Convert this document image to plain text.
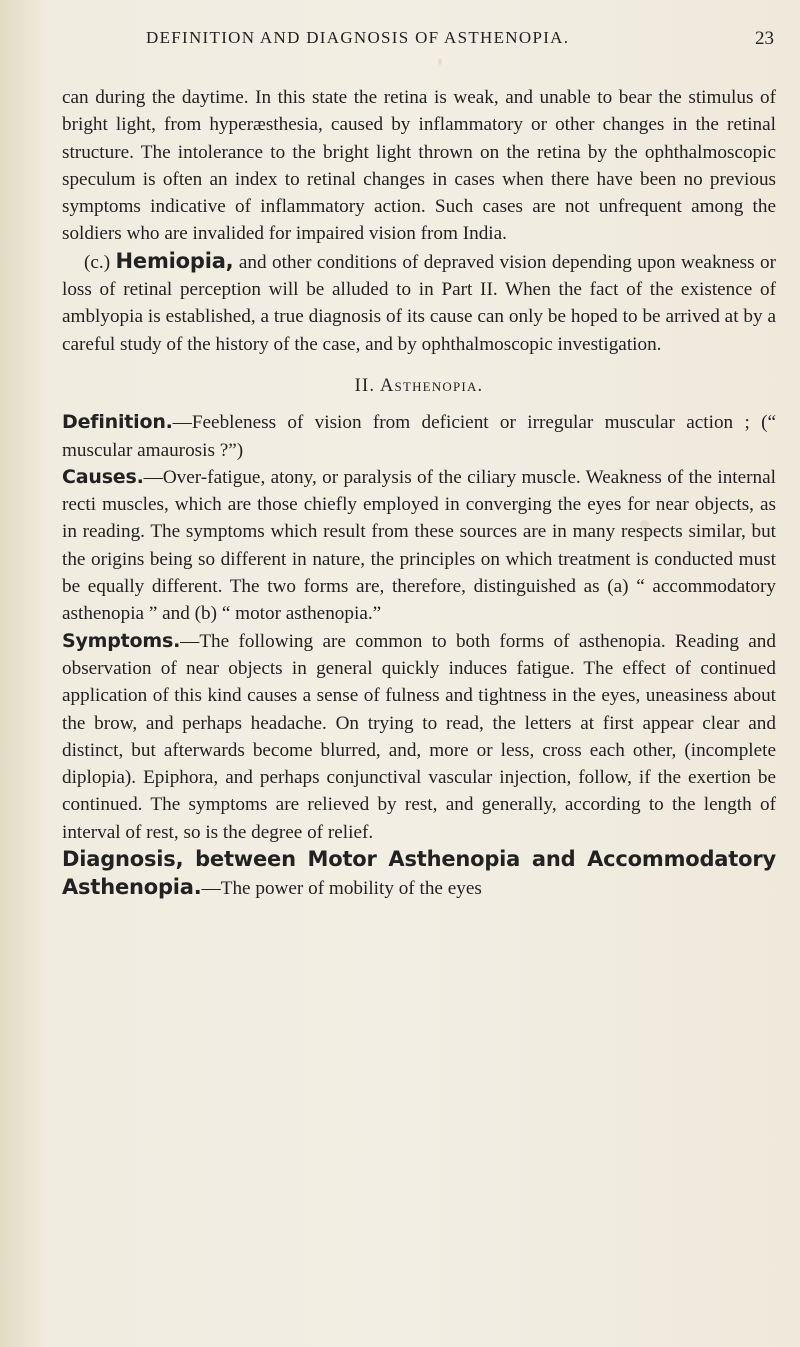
DEFINITION AND DIAGNOSIS OF ASTHENOPIA.	23

can during the daytime. In this state the retina is weak, and unable to bear the stimulus of bright light, from hyperæsthesia, caused by inflammatory or other changes in the retinal structure. The intolerance to the bright light thrown on the retina by the ophthalmoscopic speculum is often an index to retinal changes in cases when there have been no previous symptoms indicative of inflammatory action. Such cases are not unfrequent among the soldiers who are invalided for impaired vision from India.

(c.) Hemiopia, and other conditions of depraved vision depending upon weakness or loss of retinal perception will be alluded to in Part II. When the fact of the existence of amblyopia is established, a true diagnosis of its cause can only be hoped to be arrived at by a careful study of the history of the case, and by ophthalmoscopic investigation.

II. Asthenopia.

Definition.—Feebleness of vision from deficient or irregular muscular action ; (“ muscular amaurosis ?”)

Causes.—Over-fatigue, atony, or paralysis of the ciliary muscle. Weakness of the internal recti muscles, which are those chiefly employed in converging the eyes for near objects, as in reading. The symptoms which result from these sources are in many respects similar, but the origins being so different in nature, the principles on which treatment is conducted must be equally different. The two forms are, therefore, distinguished as (a) “ accommodatory asthenopia ” and (b) “ motor asthenopia.”

Symptoms.—The following are common to both forms of asthenopia. Reading and observation of near objects in general quickly induces fatigue. The effect of continued application of this kind causes a sense of fulness and tightness in the eyes, uneasiness about the brow, and perhaps headache. On trying to read, the letters at first appear clear and distinct, but afterwards become blurred, and, more or less, cross each other, (incomplete diplopia). Epiphora, and perhaps conjunctival vascular injection, follow, if the exertion be continued. The symptoms are relieved by rest, and generally, according to the length of interval of rest, so is the degree of relief.

Diagnosis, between Motor Asthenopia and Accommodatory Asthenopia.—The power of mobility of the eyes
